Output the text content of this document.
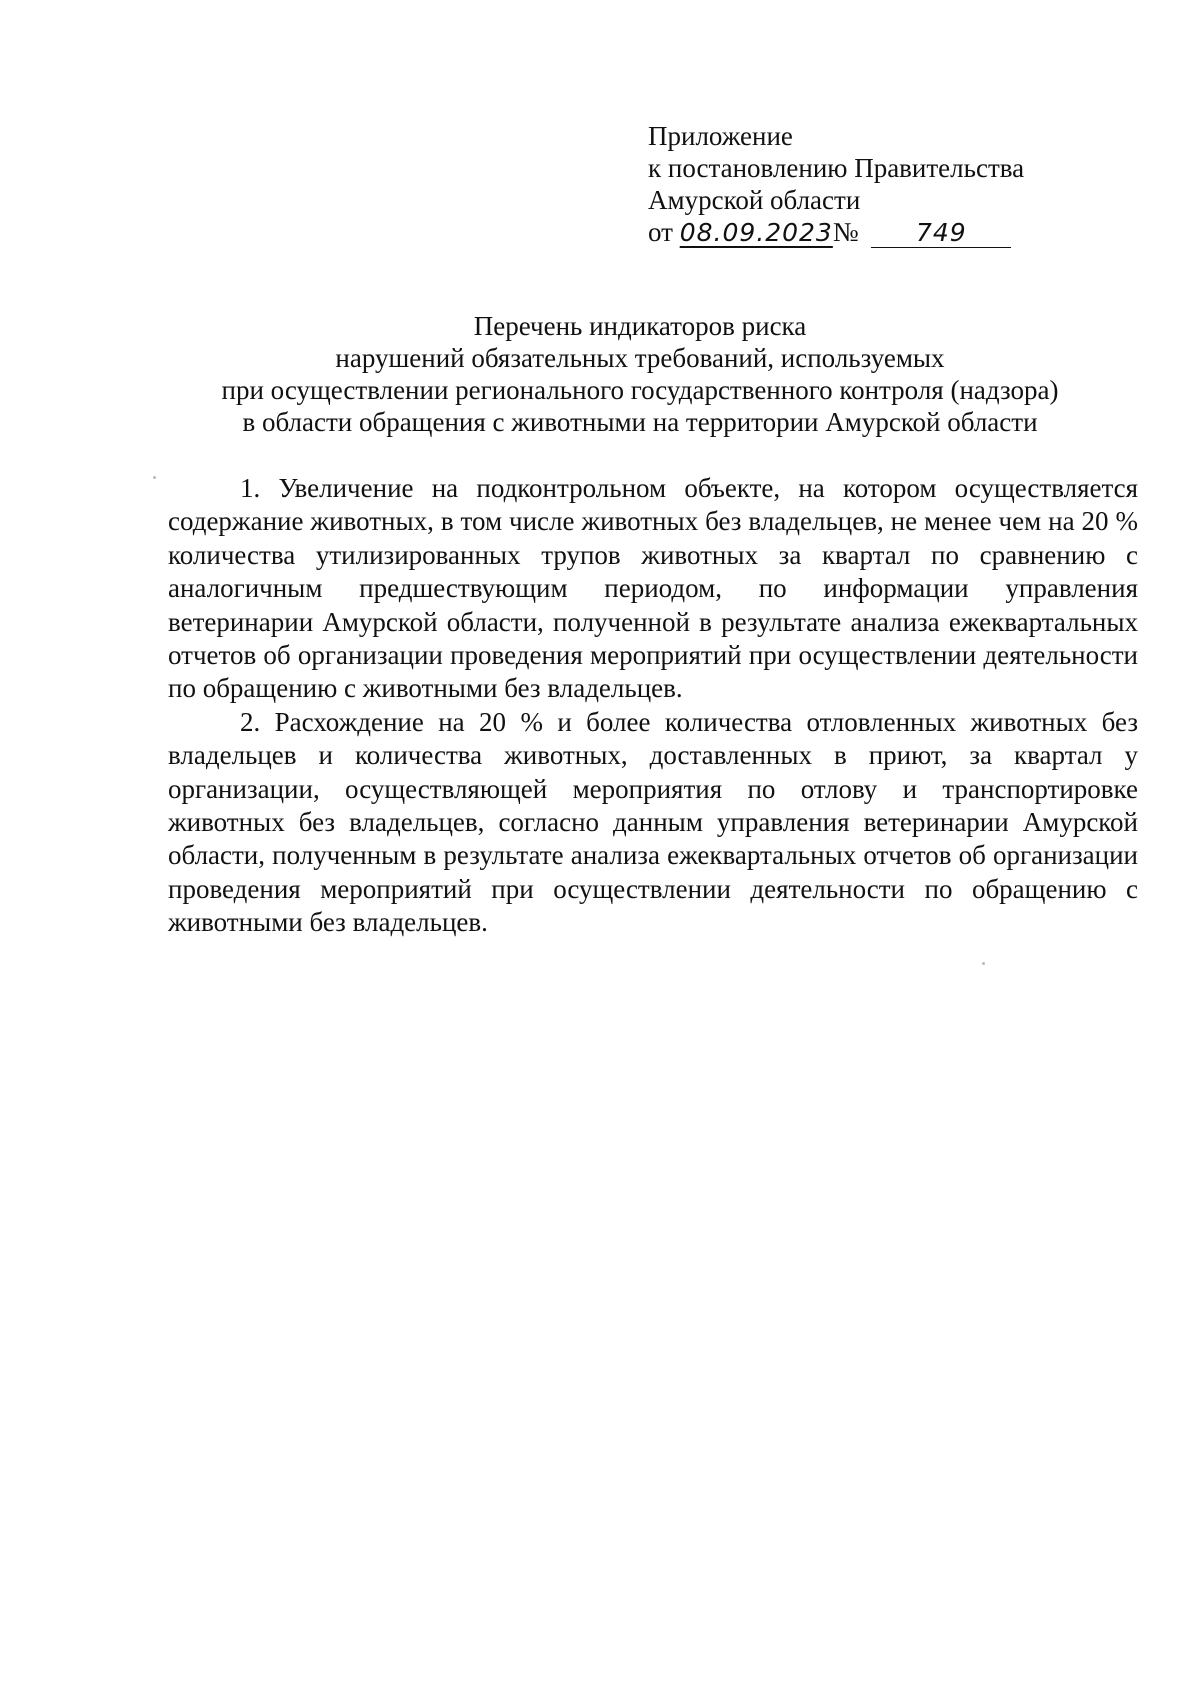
Приложение
к постановлению Правительства
Амурской области
от 08.09.2023№ 749
Перечень индикаторов риска
нарушений обязательных требований, используемых
при осуществлении регионального государственного контроля (надзора)
в области обращения с животными на территории Амурской области

1. Увеличение на подконтрольном объекте, на котором осуществляется содержание животных, в том числе животных без владельцев, не менее чем на 20 % количества утилизированных трупов животных за квартал по сравнению с аналогичным предшествующим периодом, по информации управления ветеринарии Амурской области, полученной в результате анализа ежеквартальных отчетов об организации проведения мероприятий при осуществлении деятельности по обращению с животными без владельцев.

2. Расхождение на 20 % и более количества отловленных животных без владельцев и количества животных, доставленных в приют, за квартал у организации, осуществляющей мероприятия по отлову и транспортировке животных без владельцев, согласно данным управления ветеринарии Амурской области, полученным в результате анализа ежеквартальных отчетов об организации проведения мероприятий при осуществлении деятельности по обращению с животными без владельцев.
